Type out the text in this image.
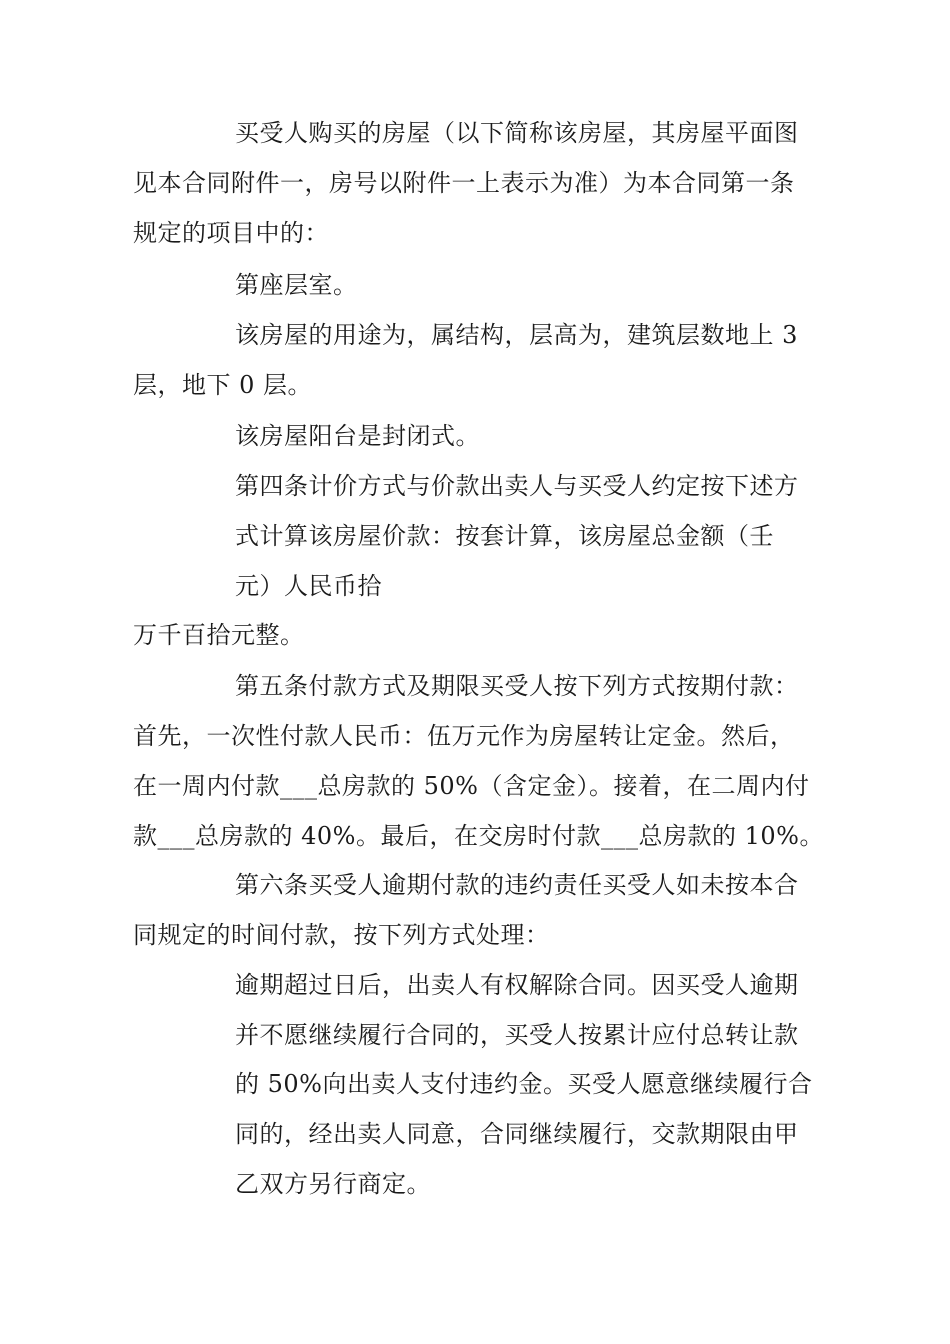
买受人购买的房屋（以下简称该房屋，其房屋平面图
见本合同附件一，房号以附件一上表示为准）为本合同第一条
规定的项目中的：
第座层室。
该房屋的用途为，属结构，层高为，建筑层数地上 3
层，地下 0 层。
该房屋阳台是封闭式。
第四条计价方式与价款出卖人与买受人约定按下述方
式计算该房屋价款：按套计算，该房屋总金额（壬
元）人民币拾
万千百拾元整。
第五条付款方式及期限买受人按下列方式按期付款：
首先，一次性付款人民币：伍万元作为房屋转让定金。然后，
在一周内付款___总房款的 50%（含定金）。接着，在二周内付
款___总房款的 40%。最后，在交房时付款___总房款的 10%。
第六条买受人逾期付款的违约责任买受人如未按本合
同规定的时间付款，按下列方式处理：
逾期超过日后，出卖人有权解除合同。因买受人逾期
并不愿继续履行合同的，买受人按累计应付总转让款
的 50%向出卖人支付违约金。买受人愿意继续履行合
同的，经出卖人同意，合同继续履行，交款期限由甲
乙双方另行商定。
